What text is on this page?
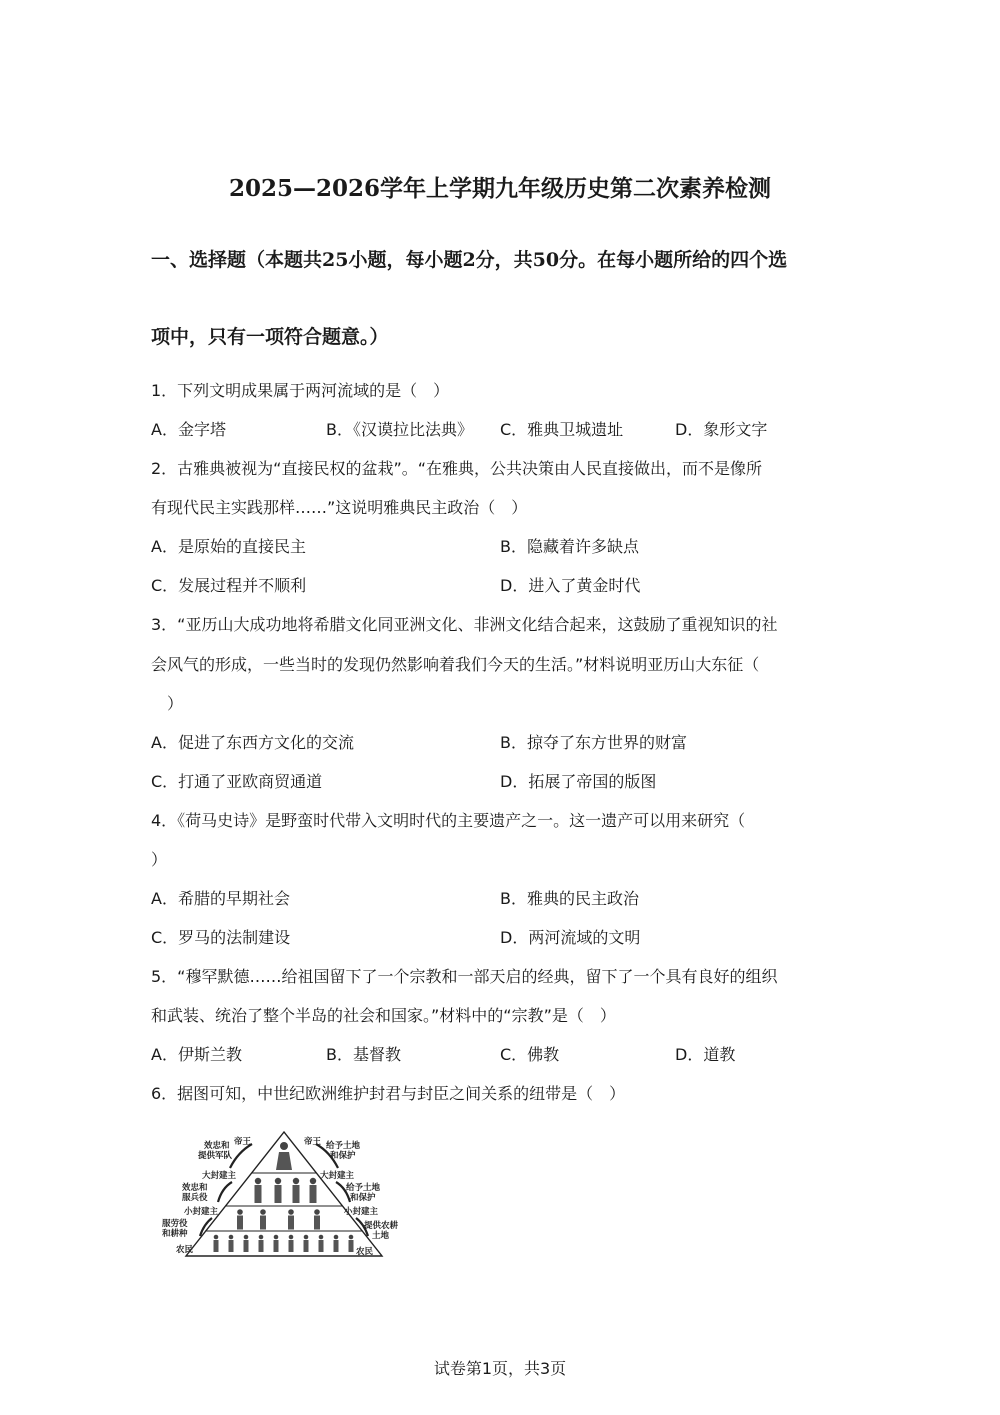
2025—2026学年上学期九年级历史第二次素养检测
一、选择题（本题共25小题，每小题2分，共50分。在每小题所给的四个选
项中，只有一项符合题意。）
1．下列文明成果属于两河流域的是（　）
A．金字塔	B．《汉谟拉比法典》 C．雅典卫城遗址	D．象形文字
2．古雅典被视为“直接民权的盆栽”。“在雅典，公共决策由人民直接做出，而不是像所
有现代民主实践那样……”这说明雅典民主政治（　）
A．是原始的直接民主	B．隐藏着许多缺点
C．发展过程并不顺利	D．进入了黄金时代
3．“亚历山大成功地将希腊文化同亚洲文化、非洲文化结合起来，这鼓励了重视知识的社
会风气的形成，一些当时的发现仍然影响着我们今天的生活。”材料说明亚历山大东征（
　）
A．促进了东西方文化的交流	B．掠夺了东方世界的财富
C．打通了亚欧商贸通道	D．拓展了帝国的版图
4．《荷马史诗》是野蛮时代带入文明时代的主要遗产之一。这一遗产可以用来研究（
）
A．希腊的早期社会	B．雅典的民主政治
C．罗马的法制建设	D．两河流域的文明
5．“穆罕默德……给祖国留下了一个宗教和一部天启的经典，留下了一个具有良好的组织
和武装、统治了整个半岛的社会和国家。”材料中的“宗教”是（　）
A．伊斯兰教	B．基督教	C．佛教	D．道教
6．据图可知，中世纪欧洲维护封君与封臣之间关系的纽带是（　）
帝王	帝王
效忠和
提供军队
大封建主
效忠和
服兵役
小封建主
服劳役
和耕种
农民
给予土地
和保护
大封建主
给予土地
和保护
小封建主
提供农耕
土地
农民
试卷第1页，共3页
